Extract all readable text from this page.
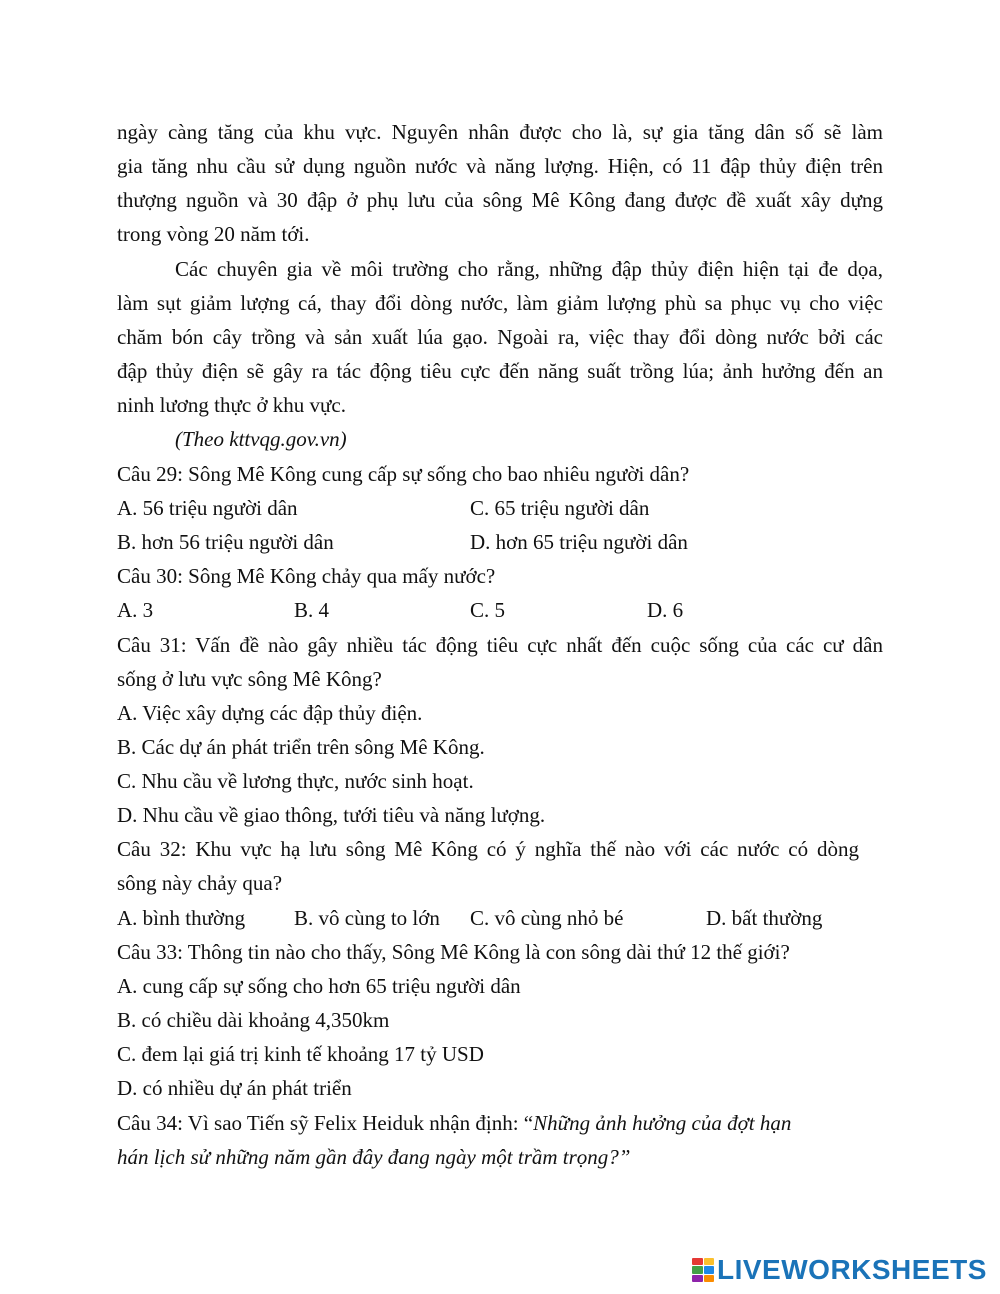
ngày càng tăng của khu vực. Nguyên nhân được cho là, sự gia tăng dân số sẽ làm
gia tăng nhu cầu sử dụng nguồn nước và năng lượng. Hiện, có 11 đập thủy điện trên
thượng nguồn và 30 đập ở phụ lưu của sông Mê Kông đang được đề xuất xây dựng
trong vòng 20 năm tới.
Các chuyên gia về môi trường cho rằng, những đập thủy điện hiện tại đe dọa,
làm sụt giảm lượng cá, thay đổi dòng nước, làm giảm lượng phù sa phục vụ cho việc
chăm bón cây trồng và sản xuất lúa gạo. Ngoài ra, việc thay đổi dòng nước bởi các
đập thủy điện sẽ gây ra tác động tiêu cực đến năng suất trồng lúa; ảnh hưởng đến an
ninh lương thực ở khu vực.
(Theo kttvqg.gov.vn)
Câu 29: Sông Mê Kông cung cấp sự sống cho bao nhiêu người dân?
A. 56 triệu người dân	C. 65 triệu người dân
B. hơn 56 triệu người dân	D. hơn 65 triệu người dân
Câu 30: Sông Mê Kông chảy qua mấy nước?
A. 3	B. 4	C. 5	D. 6
Câu 31: Vấn đề nào gây nhiều tác động tiêu cực nhất đến cuộc sống của các cư dân
sống ở lưu vực sông Mê Kông?
A. Việc xây dựng các đập thủy điện.
B. Các dự án phát triển trên sông Mê Kông.
C. Nhu cầu về lương thực, nước sinh hoạt.
D. Nhu cầu về giao thông, tưới tiêu và năng lượng.
Câu 32: Khu vực hạ lưu sông Mê Kông có ý nghĩa thế nào với các nước có dòng
sông này chảy qua?
A. bình thường B. vô cùng to lớn C. vô cùng nhỏ bé	D. bất thường
Câu 33: Thông tin nào cho thấy, Sông Mê Kông là con sông dài thứ 12 thế giới?
A. cung cấp sự sống cho hơn 65 triệu người dân
B. có chiều dài khoảng 4,350km
C. đem lại giá trị kinh tế khoảng 17 tỷ USD
D. có nhiều dự án phát triển
Câu 34: Vì sao Tiến sỹ Felix Heiduk nhận định: “Những ảnh hưởng của đợt hạn
hán lịch sử những năm gần đây đang ngày một trầm trọng?”
LIVEWORKSHEETS
